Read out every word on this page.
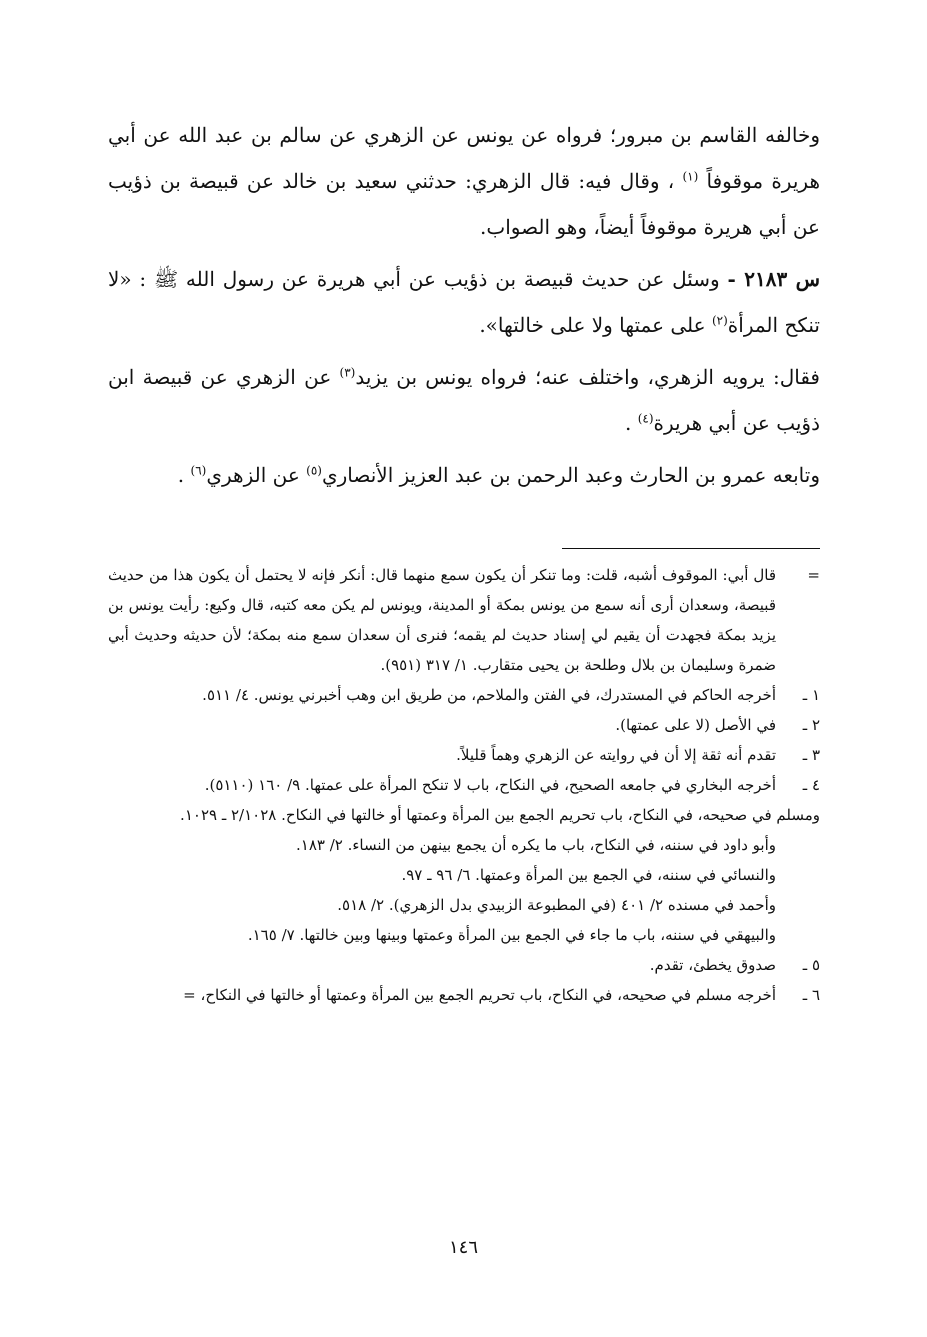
وخالفه القاسم بن مبرور؛ فرواه عن يونس عن الزهري عن سالم بن عبد الله عن أبي هريرة موقوفاً $^{(١)}$ ، وقال فيه: قال الزهري: حدثني سعيد بن خالد عن قبيصة بن ذؤيب عن أبي هريرة موقوفاً أيضاً، وهو الصواب.

س ٢١٨٣ - وسئل عن حديث قبيصة بن ذؤيب عن أبي هريرة عن رسول الله ﷺ : «لا تنكح المرأة$^{(٢)}$ على عمتها ولا على خالتها».

فقال: يرويه الزهري، واختلف عنه؛ فرواه يونس بن يزيد$^{(٣)}$ عن الزهري عن قبيصة ابن ذؤيب عن أبي هريرة$^{(٤)}$ .

وتابعه عمرو بن الحارث وعبد الرحمن بن عبد العزيز الأنصاري$^{(٥)}$ عن الزهري$^{(٦)}$ .

=
قال أبي: الموقوف أشبه، قلت: وما تنكر أن يكون سمع منهما قال: أنكر فإنه لا يحتمل أن يكون هذا من حديث قبيصة، وسعدان أرى أنه سمع من يونس بمكة أو المدينة، ويونس لم يكن معه كتبه، قال وكيع: رأيت يونس بن يزيد بمكة فجهدت أن يقيم لي إسناد حديث لم يقمه؛ فنرى أن سعدان سمع منه بمكة؛ لأن حديثه وحديث أبي ضمرة وسليمان بن بلال وطلحة بن يحيى متقارب. ١/ ٣١٧ (٩٥١).
١ ـ
أخرجه الحاكم في المستدرك، في الفتن والملاحم، من طريق ابن وهب أخبرني يونس. ٤/ ٥١١.
٢ ـ
في الأصل (لا على عمتها).
٣ ـ
تقدم أنه ثقة إلا أن في روايته عن الزهري وهماً قليلاً.
٤ ـ
أخرجه البخاري في جامعه الصحيح، في النكاح، باب لا تنكح المرأة على عمتها. ٩/ ١٦٠ (٥١١٠).
ومسلم في صحيحه، في النكاح، باب تحريم الجمع بين المرأة وعمتها أو خالتها في النكاح. ٢/١٠٢٨ ـ ١٠٢٩.
وأبو داود في سننه، في النكاح، باب ما يكره أن يجمع بينهن من النساء. ٢/ ١٨٣.
والنسائي في سننه، في الجمع بين المرأة وعمتها. ٦/ ٩٦ ـ ٩٧.
وأحمد في مسنده ٢/ ٤٠١ (في المطبوعة الزبيدي بدل الزهري). ٢/ ٥١٨.
والبيهقي في سننه، باب ما جاء في الجمع بين المرأة وعمتها وبينها وبين خالتها. ٧/ ١٦٥.
٥ ـ
صدوق يخطئ، تقدم.
٦ ـ
أخرجه مسلم في صحيحه، في النكاح، باب تحريم الجمع بين المرأة وعمتها أو خالتها في النكاح، =
١٤٦
